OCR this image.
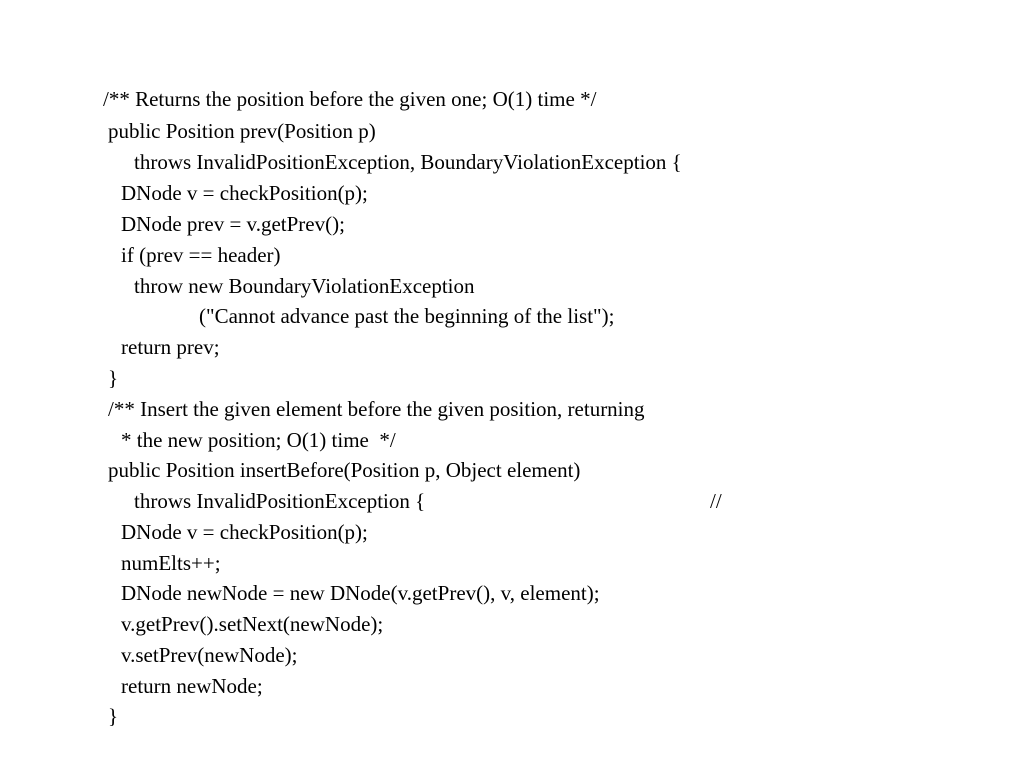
/** Returns the position before the given one; O(1) time */
public Position prev(Position p)
throws InvalidPositionException, BoundaryViolationException {
DNode v = checkPosition(p);
DNode prev = v.getPrev();
if (prev == header)
throw new BoundaryViolationException
("Cannot advance past the beginning of the list");
return prev;
}
/** Insert the given element before the given position, returning
* the new position; O(1) time  */
public Position insertBefore(Position p, Object element)
throws InvalidPositionException {	//
DNode v = checkPosition(p);
numElts++;
DNode newNode = new DNode(v.getPrev(), v, element);
v.getPrev().setNext(newNode);
v.setPrev(newNode);
return newNode;
}
